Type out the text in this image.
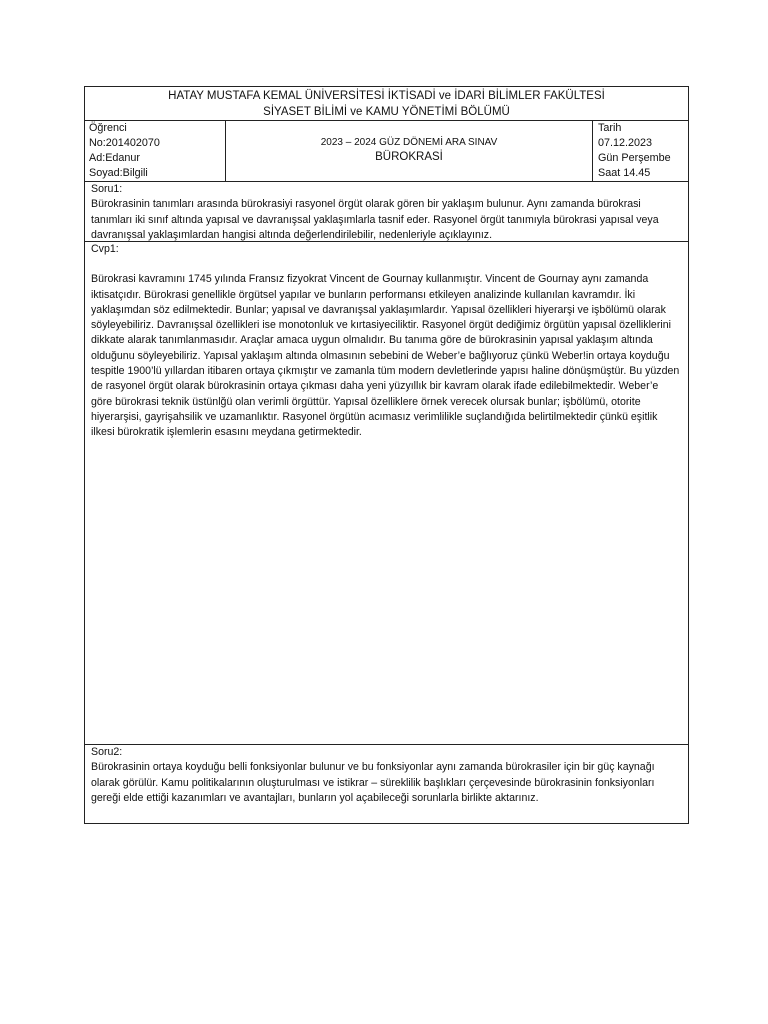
HATAY MUSTAFA KEMAL ÜNİVERSİTESİ İKTİSADİ ve İDARİ BİLİMLER FAKÜLTESİ
SİYASET BİLİMİ ve KAMU YÖNETİMİ BÖLÜMÜ
Öğrenci
No:201402070
Ad:Edanur
Soyad:Bilgili
2023 – 2024 GÜZ DÖNEMİ ARA SINAV
BÜROKRASİ
Tarih
07.12.2023
Gün Perşembe
Saat 14.45

Soru1:

Bürokrasinin tanımları arasında bürokrasiyi rasyonel örgüt olarak gören bir yaklaşım bulunur. Aynı zamanda bürokrasi tanımları iki sınıf altında yapısal ve davranışsal yaklaşımlarla tasnif eder. Rasyonel örgüt tanımıyla bürokrasi yapısal veya davranışsal yaklaşımlardan hangisi altında değerlendirilebilir, nedenleriyle açıklayınız.

Cvp1:

Bürokrasi kavramını 1745 yılında Fransız fizyokrat Vincent de Gournay kullanmıştır. Vincent de Gournay aynı zamanda iktisatçıdır. Bürokrasi genellikle örgütsel yapılar ve bunların performansı etkileyen analizinde kullanılan kavramdır. İki yaklaşımdan söz edilmektedir. Bunlar; yapısal ve davranışsal yaklaşımlardır. Yapısal özellikleri hiyerarşi ve işbölümü olarak söyleyebiliriz. Davranışsal özellikleri ise monotonluk ve kırtasiyeciliktir. Rasyonel örgüt dediğimiz örgütün yapısal özelliklerini dikkate alarak tanımlanmasıdır. Araçlar amaca uygun olmalıdır. Bu tanıma göre de bürokrasinin yapısal yaklaşım altında olduğunu söyleyebiliriz. Yapısal yaklaşım altında olmasının sebebini de Weber’e bağlıyoruz çünkü Weber!in ortaya koyduğu tespitle 1900’lü yıllardan itibaren ortaya çıkmıştır ve zamanla tüm modern devletlerinde yapısı haline dönüşmüştür. Bu yüzden de rasyonel örgüt olarak bürokrasinin ortaya çıkması daha yeni yüzyıllık bir kavram olarak ifade edilebilmektedir. Weber’e göre bürokrasi teknik üstünlğü olan verimli örgüttür. Yapısal özelliklere örnek verecek olursak bunlar; işbölümü, otorite hiyerarşisi, gayrişahsilik ve uzamanlıktır. Rasyonel örgütün acımasız verimlilikle suçlandığıda belirtilmektedir çünkü eşitlik ilkesi bürokratik işlemlerin esasını meydana getirmektedir.

Soru2:

Bürokrasinin ortaya koyduğu belli fonksiyonlar bulunur ve bu fonksiyonlar aynı zamanda bürokrasiler için bir güç kaynağı olarak görülür. Kamu politikalarının oluşturulması ve istikrar – süreklilik başlıkları çerçevesinde bürokrasinin fonksiyonları gereği elde ettiği kazanımları ve avantajları, bunların yol açabileceği sorunlarla birlikte aktarınız.
